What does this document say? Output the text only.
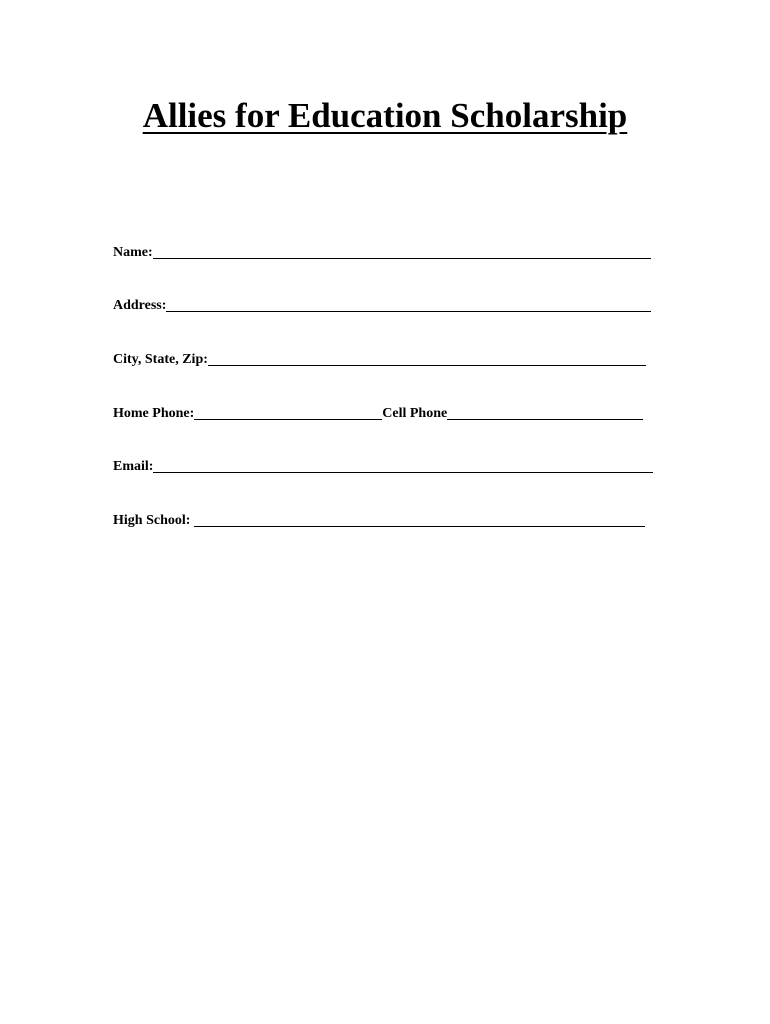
Allies for Education Scholarship
Name:
Address:
City, State, Zip:
Home Phone:	Cell Phone
Email:
High School:
